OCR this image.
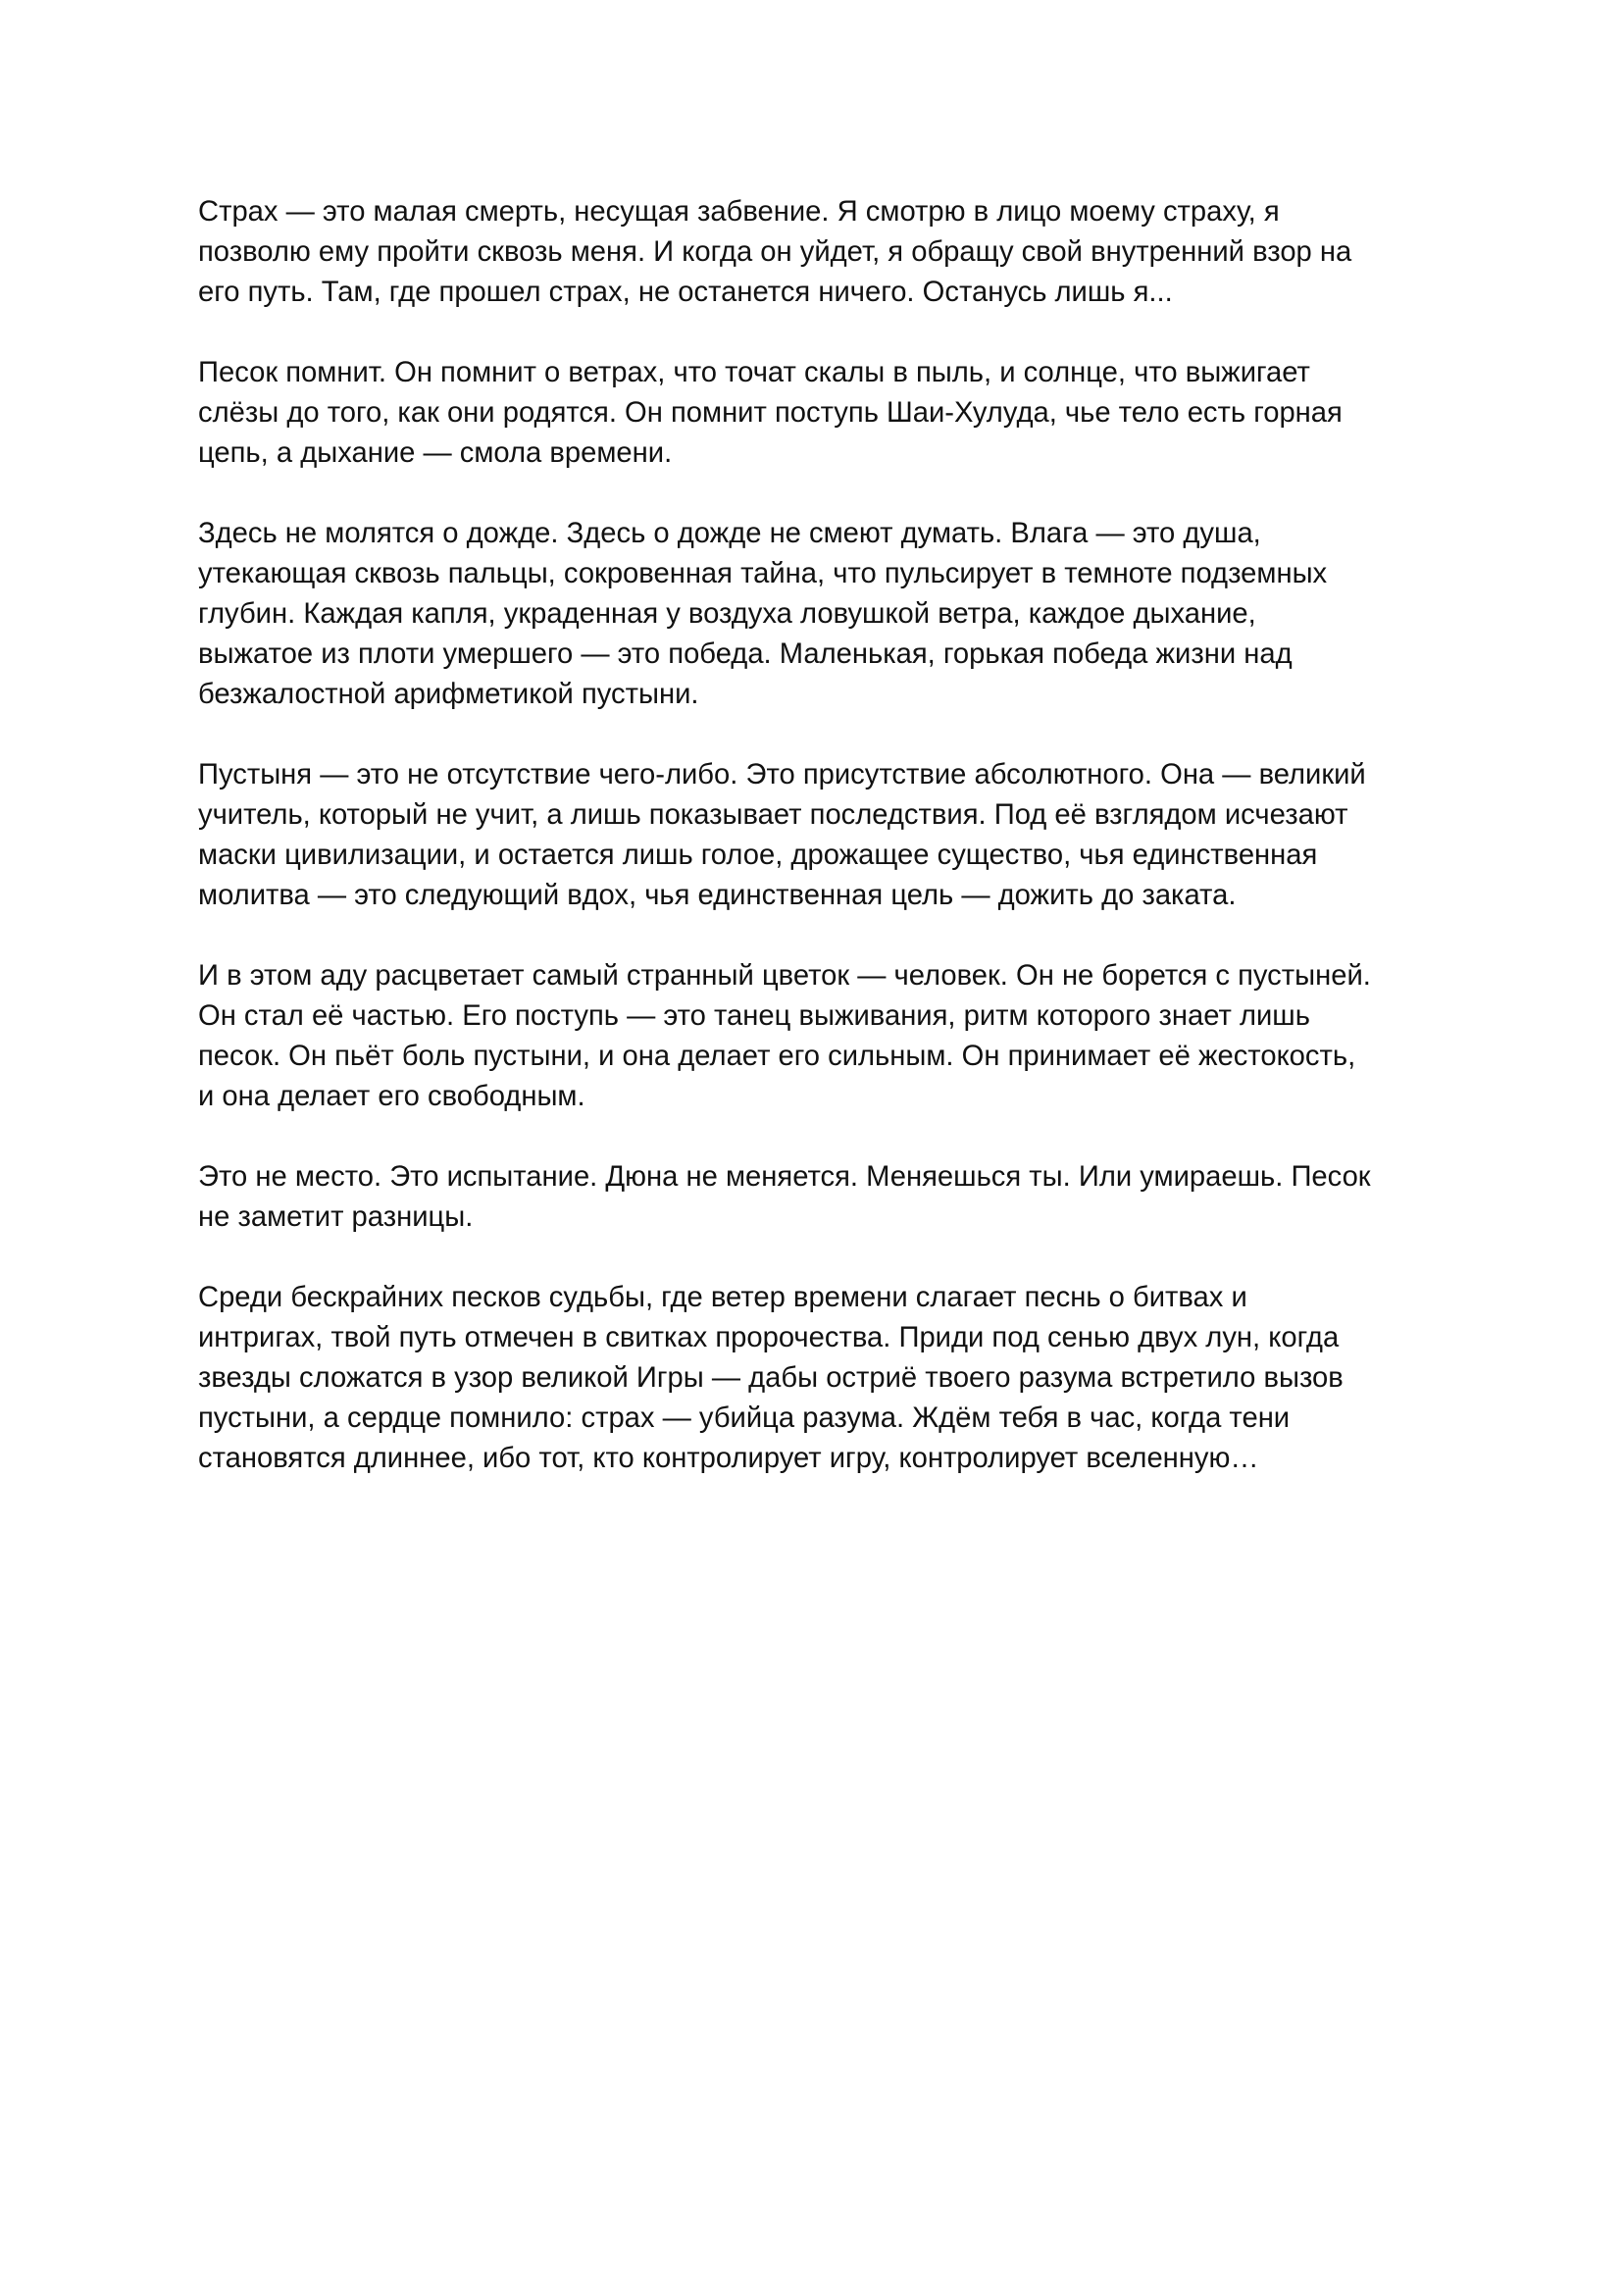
Страх — это малая смерть, несущая забвение. Я смотрю в лицо моему страху, я
позволю ему пройти сквозь меня. И когда он уйдет, я обращу свой внутренний взор на
его путь. Там, где прошел страх, не останется ничего. Останусь лишь я...

Песок помнит. Он помнит о ветрах, что точат скалы в пыль, и солнце, что выжигает
слёзы до того, как они родятся. Он помнит поступь Шаи-Хулуда, чье тело есть горная
цепь, а дыхание — смола времени.

Здесь не молятся о дожде. Здесь о дожде не смеют думать. Влага — это душа,
утекающая сквозь пальцы, сокровенная тайна, что пульсирует в темноте подземных
глубин. Каждая капля, украденная у воздуха ловушкой ветра, каждое дыхание,
выжатое из плоти умершего — это победа. Маленькая, горькая победа жизни над
безжалостной арифметикой пустыни.

Пустыня — это не отсутствие чего-либо. Это присутствие абсолютного. Она — великий
учитель, который не учит, а лишь показывает последствия. Под её взглядом исчезают
маски цивилизации, и остается лишь голое, дрожащее существо, чья единственная
молитва — это следующий вдох, чья единственная цель — дожить до заката.

И в этом аду расцветает самый странный цветок — человек. Он не борется с пустыней.
Он стал её частью. Его поступь — это танец выживания, ритм которого знает лишь
песок. Он пьёт боль пустыни, и она делает его сильным. Он принимает её жестокость,
и она делает его свободным.

Это не место. Это испытание. Дюна не меняется. Меняешься ты. Или умираешь. Песок
не заметит разницы.

Среди бескрайних песков судьбы, где ветер времени слагает песнь о битвах и
интригах, твой путь отмечен в свитках пророчества. Приди под сенью двух лун, когда
звезды сложатся в узор великой Игры — дабы остриё твоего разума встретило вызов
пустыни, а сердце помнило: страх — убийца разума. Ждём тебя в час, когда тени
становятся длиннее, ибо тот, кто контролирует игру, контролирует вселенную…
